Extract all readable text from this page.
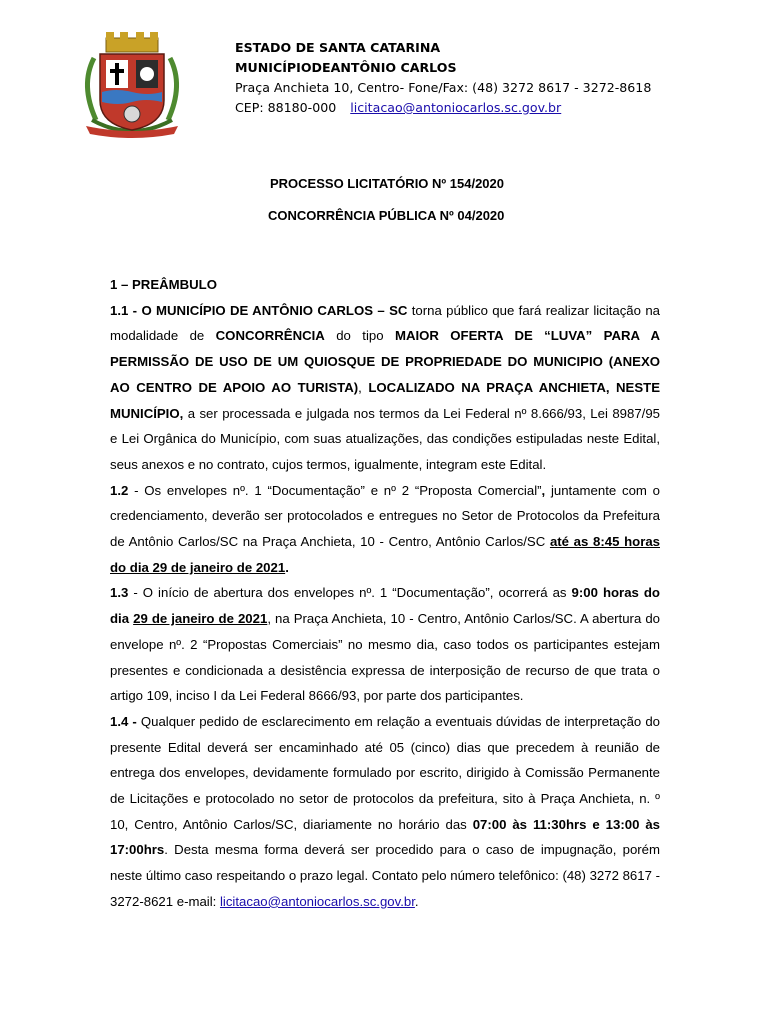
ESTADO DE SANTA CATARINA
MUNICÍPIODEANTÔNIO CARLOS
Praça Anchieta 10, Centro- Fone/Fax: (48) 3272 8617 - 3272-8618
CEP: 88180-000 licitacao@antoniocarlos.sc.gov.br
PROCESSO LICITATÓRIO Nº 154/2020
CONCORRÊNCIA PÚBLICA Nº 04/2020

1 – PREÂMBULO

1.1 - O MUNICÍPIO DE ANTÔNIO CARLOS – SC torna público que fará realizar licitação na modalidade de CONCORRÊNCIA do tipo MAIOR OFERTA DE “LUVA” PARA A PERMISSÃO DE USO DE UM QUIOSQUE DE PROPRIEDADE DO MUNICIPIO (ANEXO AO CENTRO DE APOIO AO TURISTA), LOCALIZADO NA PRAÇA ANCHIETA, NESTE MUNICÍPIO, a ser processada e julgada nos termos da Lei Federal nº 8.666/93, Lei 8987/95 e Lei Orgânica do Município, com suas atualizações, das condições estipuladas neste Edital, seus anexos e no contrato, cujos termos, igualmente, integram este Edital.

1.2 - Os envelopes nº. 1 “Documentação” e nº 2 “Proposta Comercial”, juntamente com o credenciamento, deverão ser protocolados e entregues no Setor de Protocolos da Prefeitura de Antônio Carlos/SC na Praça Anchieta, 10 - Centro, Antônio Carlos/SC até as 8:45 horas do dia 29 de janeiro de 2021.

1.3 - O início de abertura dos envelopes nº. 1 “Documentação”, ocorrerá as 9:00 horas do dia 29 de janeiro de 2021, na Praça Anchieta, 10 - Centro, Antônio Carlos/SC. A abertura do envelope nº. 2 “Propostas Comerciais” no mesmo dia, caso todos os participantes estejam presentes e condicionada a desistência expressa de interposição de recurso de que trata o artigo 109, inciso I da Lei Federal 8666/93, por parte dos participantes.

1.4 - Qualquer pedido de esclarecimento em relação a eventuais dúvidas de interpretação do presente Edital deverá ser encaminhado até 05 (cinco) dias que precedem à reunião de entrega dos envelopes, devidamente formulado por escrito, dirigido à Comissão Permanente de Licitações e protocolado no setor de protocolos da prefeitura, sito à Praça Anchieta, n. º 10, Centro, Antônio Carlos/SC, diariamente no horário das 07:00 às 11:30hrs e 13:00 às 17:00hrs. Desta mesma forma deverá ser procedido para o caso de impugnação, porém neste último caso respeitando o prazo legal. Contato pelo número telefônico: (48) 3272 8617 - 3272-8621 e-mail: licitacao@antoniocarlos.sc.gov.br.
